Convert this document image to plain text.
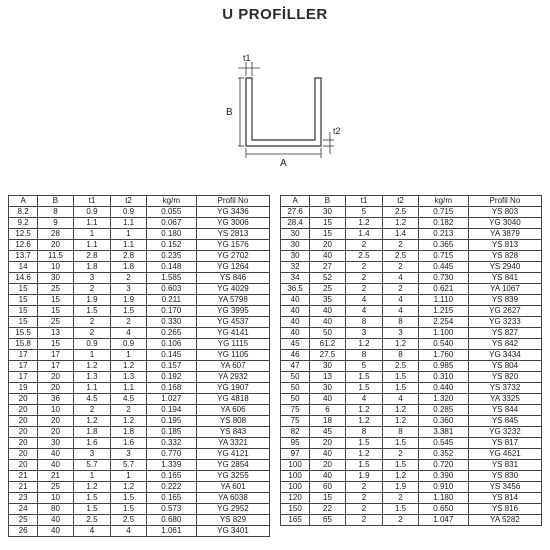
U PROFİLLER
t1
B
t2
A
A	B	t1	t2	kg/m	Profil No
8.2	8	0.9	0.9	0.055	YG 3436
9.2	9	1.1	1.1	0.067	YG 3006
12.5	28	1	1	0.180	YS 2813
12.6	20	1.1	1.1	0.152	YG 1576
13.7	11.5	2.8	2.8	0.235	YG 2702
14	10	1.8	1.8	0.148	YG 1264
14.6	30	3	2	1.585	YS 846
15	25	2	3	0.603	YG 4029
15	15	1.9	1.9	0.211	YA 5798
15	15	1.5	1.5	0.170	YG 3995
15	25	2	2	0.330	YG 4537
15.5	13	2	4	0.265	YG 4141
15.8	15	0.9	0.9	0.106	YG 1115
17	17	1	1	0.145	YG 1105
17	17	1.2	1.2	0.157	YA 607
17	20	1.3	1.3	0.192	YA 2932
19	20	1.1	1.1	0.168	YG 1907
20	36	4.5	4.5	1.027	YG 4818
20	10	2	2	0.194	YA 606
20	20	1.2	1.2	0.195	YS 808
20	20	1.8	1.8	0.185	YS 843
20	30	1.6	1.6	0.332	YA 3321
20	40	3	3	0.770	YG 4121
20	40	5.7	5.7	1.339	YG 2854
21	21	1	1	0.165	YG 3255
21	25	1.2	1.2	0.222	YA 601
23	10	1.5	1.5	0.165	YA 6038
24	80	1.5	1.5	0.573	YG 2952
25	40	2.5	2.5	0.680	YS 829
26	40	4	4	1.061	YG 3401
A	B	t1	t2	kg/m	Profil No
27.6	30	5	2.5	0.715	YS 803
28.4	15	1.2	1.2	0.182	YG 3040
30	15	1.4	1.4	0.213	YA 3879
30	20	2	2	0.365	YS 813
30	40	2.5	2.5	0.715	YS 828
32	27	2	2	0.445	YS 2940
34	52	2	4	0.730	YS 841
36.5	25	2	2	0.621	YA 1067
40	35	4	4	1.110	YS 839
40	40	4	4	1.215	YG 2627
40	40	8	8	2.254	YG 3233
40	50	3	3	1.100	YS 827
45	61.2	1.2	1.2	0.540	YS 842
46	27.5	8	8	1.760	YG 3434
47	30	5	2.5	0.985	YS 804
50	13	1.5	1.5	0.310	YS 820
50	30	1.5	1.5	0.440	YS 3732
50	40	4	4	1.320	YA 3325
75	6	1.2	1.2	0.285	YS 844
75	18	1.2	1.2	0.360	YS 845
82	45	8	8	3.381	YG 3232
95	20	1.5	1.5	0.545	YS 817
97	40	1.2	2	0.352	YG 4621
100	20	1.5	1.5	0.720	YS 831
100	40	1.9	1.2	0.390	YS 830
100	60	2	1.9	0.910	YS 3456
120	15	2	2	1.180	YS 814
150	22	2	1.5	0.650	YS 816
165	65	2	2	1.047	YA 5282
